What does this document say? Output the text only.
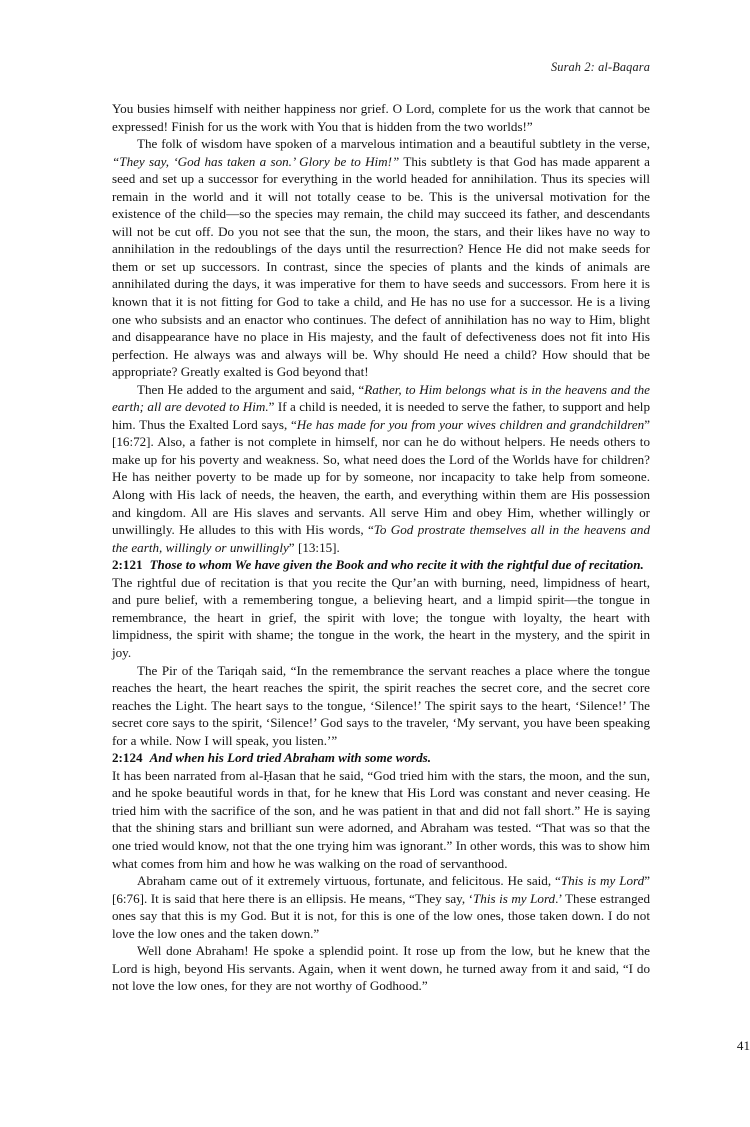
Surah 2: al-Baqara

You busies himself with neither happiness nor grief. O Lord, complete for us the work that cannot be expressed! Finish for us the work with You that is hidden from the two worlds!”

The folk of wisdom have spoken of a marvelous intimation and a beautiful subtlety in the verse, “They say, ‘God has taken a son.’ Glory be to Him!” This subtlety is that God has made apparent a seed and set up a successor for everything in the world headed for annihilation. Thus its species will remain in the world and it will not totally cease to be. This is the universal motivation for the existence of the child—so the species may remain, the child may succeed its father, and descendants will not be cut off. Do you not see that the sun, the moon, the stars, and their likes have no way to annihilation in the redoublings of the days until the resurrection? Hence He did not make seeds for them or set up successors. In contrast, since the species of plants and the kinds of animals are annihilated during the days, it was imperative for them to have seeds and successors. From here it is known that it is not fitting for God to take a child, and He has no use for a successor. He is a living one who subsists and an enactor who continues. The defect of annihilation has no way to Him, blight and disappearance have no place in His majesty, and the fault of defectiveness does not fit into His perfection. He always was and always will be. Why should He need a child? How should that be appropriate? Greatly exalted is God beyond that!

Then He added to the argument and said, “Rather, to Him belongs what is in the heavens and the earth; all are devoted to Him.” If a child is needed, it is needed to serve the father, to support and help him. Thus the Exalted Lord says, “He has made for you from your wives children and grandchildren” [16:72]. Also, a father is not complete in himself, nor can he do without helpers. He needs others to make up for his poverty and weakness. So, what need does the Lord of the Worlds have for children? He has neither poverty to be made up for by someone, nor incapacity to take help from someone. Along with His lack of needs, the heaven, the earth, and everything within them are His possession and kingdom. All are His slaves and servants. All serve Him and obey Him, whether willingly or unwillingly. He alludes to this with His words, “To God prostrate themselves all in the heavens and the earth, willingly or unwillingly” [13:15].

2:121 Those to whom We have given the Book and who recite it with the rightful due of recitation.

The rightful due of recitation is that you recite the Qur’an with burning, need, limpidness of heart, and pure belief, with a remembering tongue, a believing heart, and a limpid spirit—the tongue in remembrance, the heart in grief, the spirit with love; the tongue with loyalty, the heart with limpidness, the spirit with shame; the tongue in the work, the heart in the mystery, and the spirit in joy.

The Pir of the Tariqah said, “In the remembrance the servant reaches a place where the tongue reaches the heart, the heart reaches the spirit, the spirit reaches the secret core, and the secret core reaches the Light. The heart says to the tongue, ‘Silence!’ The spirit says to the heart, ‘Silence!’ The secret core says to the spirit, ‘Silence!’ God says to the traveler, ‘My servant, you have been speaking for a while. Now I will speak, you listen.’”

2:124 And when his Lord tried Abraham with some words.

It has been narrated from al-Ḥasan that he said, “God tried him with the stars, the moon, and the sun, and he spoke beautiful words in that, for he knew that His Lord was constant and never ceasing. He tried him with the sacrifice of the son, and he was patient in that and did not fall short.” He is saying that the shining stars and brilliant sun were adorned, and Abraham was tested. “That was so that the one tried would know, not that the one trying him was ignorant.” In other words, this was to show him what comes from him and how he was walking on the road of servanthood.

Abraham came out of it extremely virtuous, fortunate, and felicitous. He said, “This is my Lord” [6:76]. It is said that here there is an ellipsis. He means, “They say, ‘This is my Lord.’ These estranged ones say that this is my God. But it is not, for this is one of the low ones, those taken down. I do not love the low ones and the taken down.”

Well done Abraham! He spoke a splendid point. It rose up from the low, but he knew that the Lord is high, beyond His servants. Again, when it went down, he turned away from it and said, “I do not love the low ones, for they are not worthy of Godhood.”

41
